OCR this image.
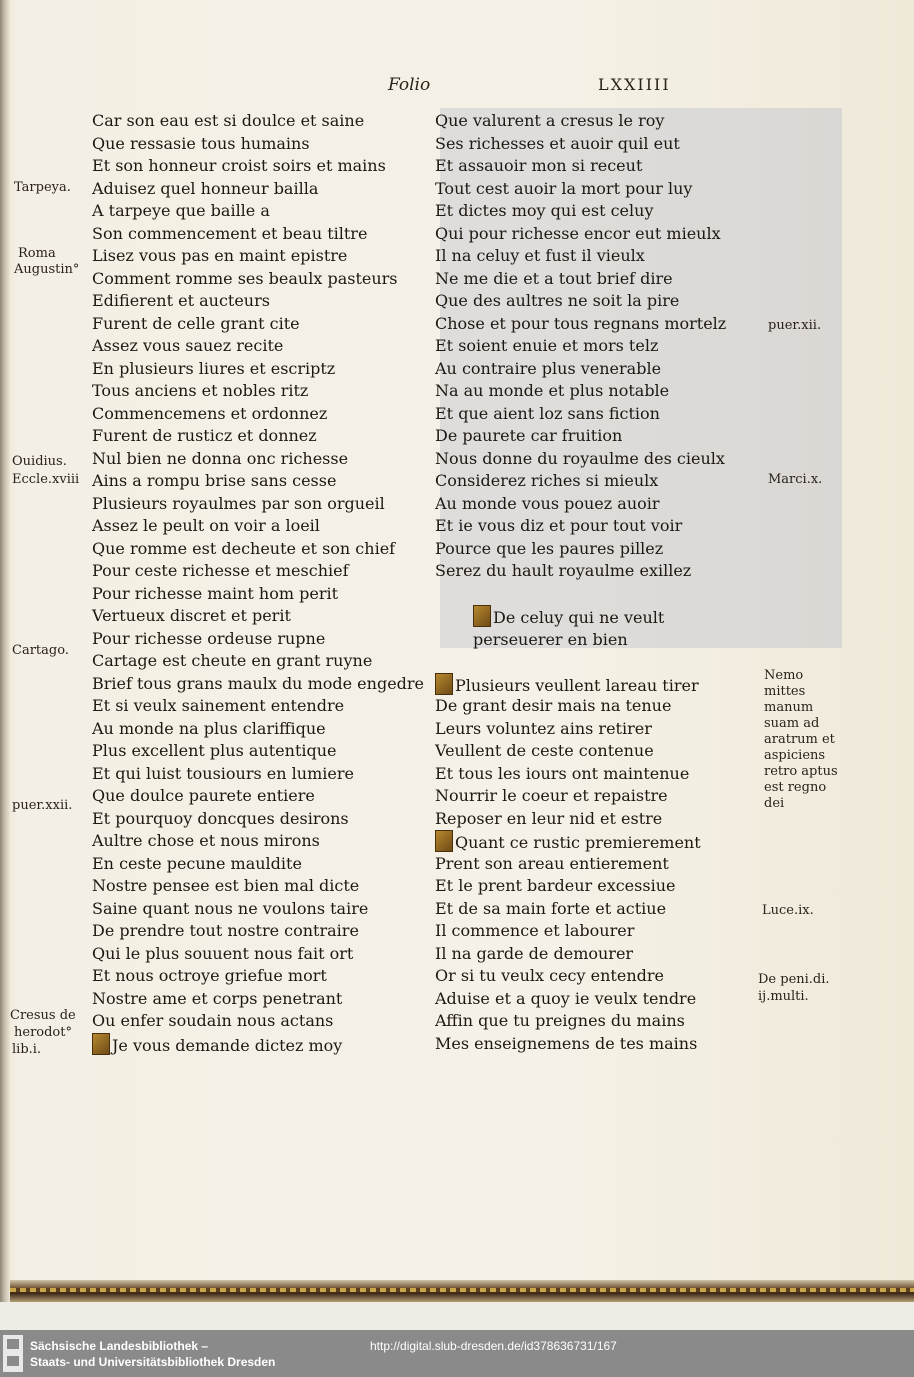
Folio	LXXIIII
Car son eau est si doulce et saine
Que ressasie tous humains
Et son honneur croist soirs et mains
Aduisez quel honneur bailla
A tarpeye que baille a
Son commencement et beau tiltre
Lisez vous pas en maint epistre
Comment romme ses beaulx pasteurs
Edifierent et aucteurs
Furent de celle grant cite
Assez vous sauez recite
En plusieurs liures et escriptz
Tous anciens et nobles ritz
Commencemens et ordonnez
Furent de rusticz et donnez
Nul bien ne donna onc richesse
Ains a rompu brise sans cesse
Plusieurs royaulmes par son orgueil
Assez le peult on voir a loeil
Que romme est decheute et son chief
Pour ceste richesse et meschief
Pour richesse maint hom perit
Vertueux discret et perit
Pour richesse ordeuse rupne
Cartage est cheute en grant ruyne
Brief tous grans maulx du mode engedre
Et si veulx sainement entendre
Au monde na plus clariffique
Plus excellent plus autentique
Et qui luist tousiours en lumiere
Que doulce paurete entiere
Et pourquoy doncques desirons
Aultre chose et nous mirons
En ceste pecune mauldite
Nostre pensee est bien mal dicte
Saine quant nous ne voulons taire
De prendre tout nostre contraire
Qui le plus souuent nous fait ort
Et nous octroye griefue mort
Nostre ame et corps penetrant
Ou enfer soudain nous actans
Je vous demande dictez moy
Que valurent a cresus le roy
Ses richesses et auoir quil eut
Et assauoir mon si receut
Tout cest auoir la mort pour luy
Et dictes moy qui est celuy
Qui pour richesse encor eut mieulx
Il na celuy et fust il vieulx
Ne me die et a tout brief dire
Que des aultres ne soit la pire
Chose et pour tous regnans mortelz
Et soient enuie et mors telz
Au contraire plus venerable
Na au monde et plus notable
Et que aient loz sans fiction
De paurete car fruition
Nous donne du royaulme des cieulx
Considerez riches si mieulx
Au monde vous pouez auoir
Et ie vous diz et pour tout voir
Pource que les paures pillez
Serez du hault royaulme exillez
De celuy qui ne veult perseuerer en bien
Plusieurs veullent lareau tirer
De grant desir mais na tenue
Leurs voluntez ains retirer
Veullent de ceste contenue
Et tous les iours ont maintenue
Nourrir le coeur et repaistre
Reposer en leur nid et estre
Quant ce rustic premierement
Prent son areau entierement
Et le prent bardeur excessiue
Et de sa main forte et actiue
Il commence et labourer
Il na garde de demourer
Or si tu veulx cecy entendre
Aduise et a quoy ie veulx tendre
Affin que tu preignes du mains
Mes enseignemens de tes mains
Tarpeya.
Roma
Augustin°
Ouidius.
Eccle.xviii
Cartago.
puer.xxii.
Cresus de
herodot°
lib.i.
puer.xii.
Marci.x.
Nemo mittes manum suam ad aratrum et aspiciens retro aptus est regno dei
Luce.ix.
De peni.di.
ij.multi.
Sächsische Landesbibliothek –
Staats- und Universitätsbibliothek Dresden
http://digital.slub-dresden.de/id378636731/167
